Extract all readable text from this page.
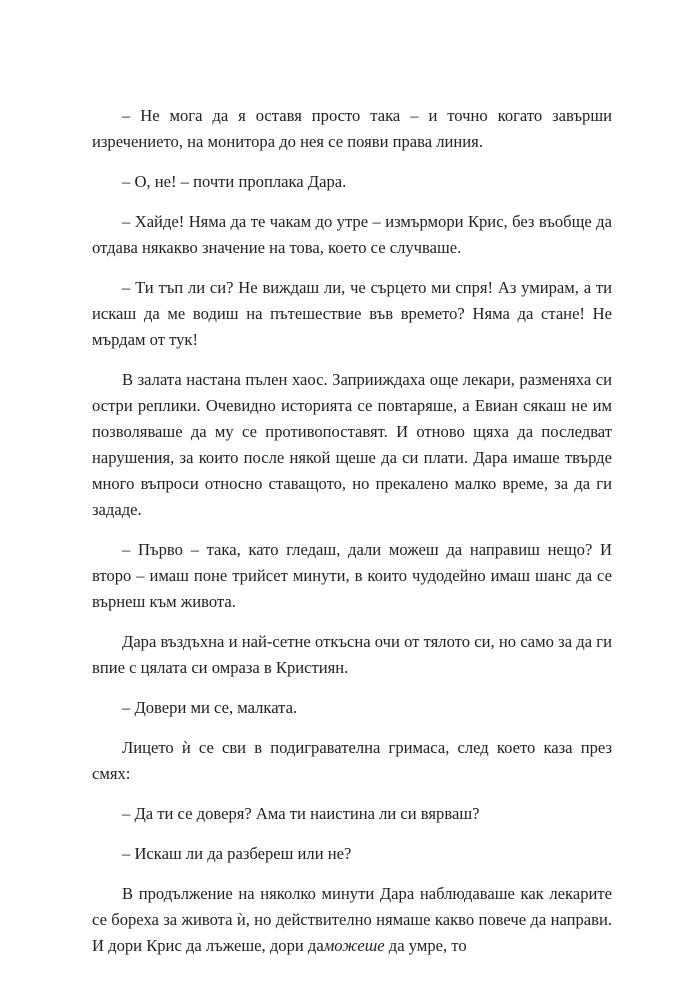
– Не мога да я оставя просто така – и точно когато завърши изречението, на монитора до нея се появи права линия.

– О, не! – почти проплака Дара.

– Хайде! Няма да те чакам до утре – измърмори Крис, без въобще да отдава някакво значение на това, което се случваше.

– Ти тъп ли си? Не виждаш ли, че сърцето ми спря! Аз умирам, а ти искаш да ме водиш на пътешествие във времето? Няма да стане! Не мърдам от тук!

В залата настана пълен хаос. Заприиждаха още лекари, разменяха си остри реплики. Очевидно историята се повтаряше, а Евиан сякаш не им позволяваше да му се противопоставят. И отново щяха да последват нарушения, за които после някой щеше да си плати. Дара имаше твърде много въпроси относно ставащото, но прекалено малко време, за да ги зададе.

– Първо – така, като гледаш, дали можеш да направиш нещо? И второ – имаш поне трийсет минути, в които чудодейно имаш шанс да се върнеш към живота.

Дара въздъхна и най-сетне откъсна очи от тялото си, но само за да ги впие с цялата си омраза в Кристиян.

– Довери ми се, малката.

Лицето ѝ се сви в подигравателна гримаса, след което каза през смях:

– Да ти се доверя? Ама ти наистина ли си вярваш?

– Искаш ли да разбереш или не?

В продължение на няколко минути Дара наблюдаваше как лекарите се бореха за живота ѝ, но действително нямаше какво повече да направи. И дори Крис да лъжеше, дори даможеше да умре, то
